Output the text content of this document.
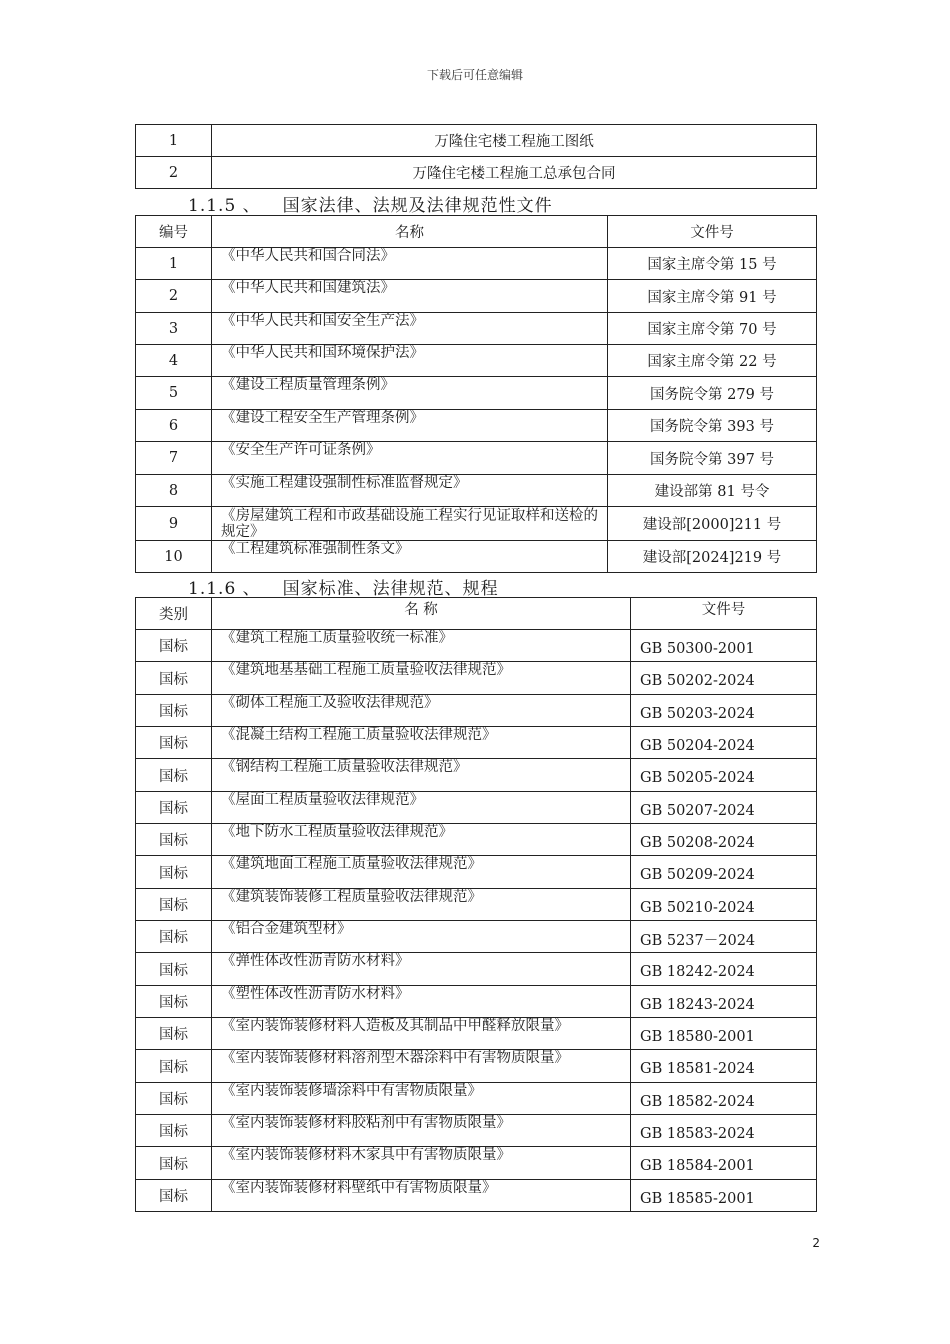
下载后可任意编辑
1	万隆住宅楼工程施工图纸
2	万隆住宅楼工程施工总承包合同
1.1.5 、 国家法律、法规及法律规范性文件
编号	名称	文件号
1	《中华人民共和国合同法》	国家主席令第 15 号
2	《中华人民共和国建筑法》	国家主席令第 91 号
3	《中华人民共和国安全生产法》	国家主席令第 70 号
4	《中华人民共和国环境保护法》	国家主席令第 22 号
5	《建设工程质量管理条例》	国务院令第 279 号
6	《建设工程安全生产管理条例》	国务院令第 393 号
7	《安全生产许可证条例》	国务院令第 397 号
8	《实施工程建设强制性标准监督规定》	建设部第 81 号令
9	《房屋建筑工程和市政基础设施工程实行见证取样和送检的规定》	建设部[2000]211 号
10	《工程建筑标准强制性条文》	建设部[2024]219 号
1.1.6 、 国家标准、法律规范、规程
类别	名 称	文件号
国标	《建筑工程施工质量验收统一标准》	GB 50300-2001
国标	《建筑地基基础工程施工质量验收法律规范》	GB 50202-2024
国标	《砌体工程施工及验收法律规范》	GB 50203-2024
国标	《混凝土结构工程施工质量验收法律规范》	GB 50204-2024
国标	《钢结构工程施工质量验收法律规范》	GB 50205-2024
国标	《屋面工程质量验收法律规范》	GB 50207-2024
国标	《地下防水工程质量验收法律规范》	GB 50208-2024
国标	《建筑地面工程施工质量验收法律规范》	GB 50209-2024
国标	《建筑装饰装修工程质量验收法律规范》	GB 50210-2024
国标	《铝合金建筑型材》	GB 5237－2024
国标	《弹性体改性沥青防水材料》	GB 18242-2024
国标	《塑性体改性沥青防水材料》	GB 18243-2024
国标	《室内装饰装修材料人造板及其制品中甲醛释放限量》	GB 18580-2001
国标	《室内装饰装修材料溶剂型木器涂料中有害物质限量》	GB 18581-2024
国标	《室内装饰装修墙涂料中有害物质限量》	GB 18582-2024
国标	《室内装饰装修材料胶粘剂中有害物质限量》	GB 18583-2024
国标	《室内装饰装修材料木家具中有害物质限量》	GB 18584-2001
国标	《室内装饰装修材料壁纸中有害物质限量》	GB 18585-2001
2
